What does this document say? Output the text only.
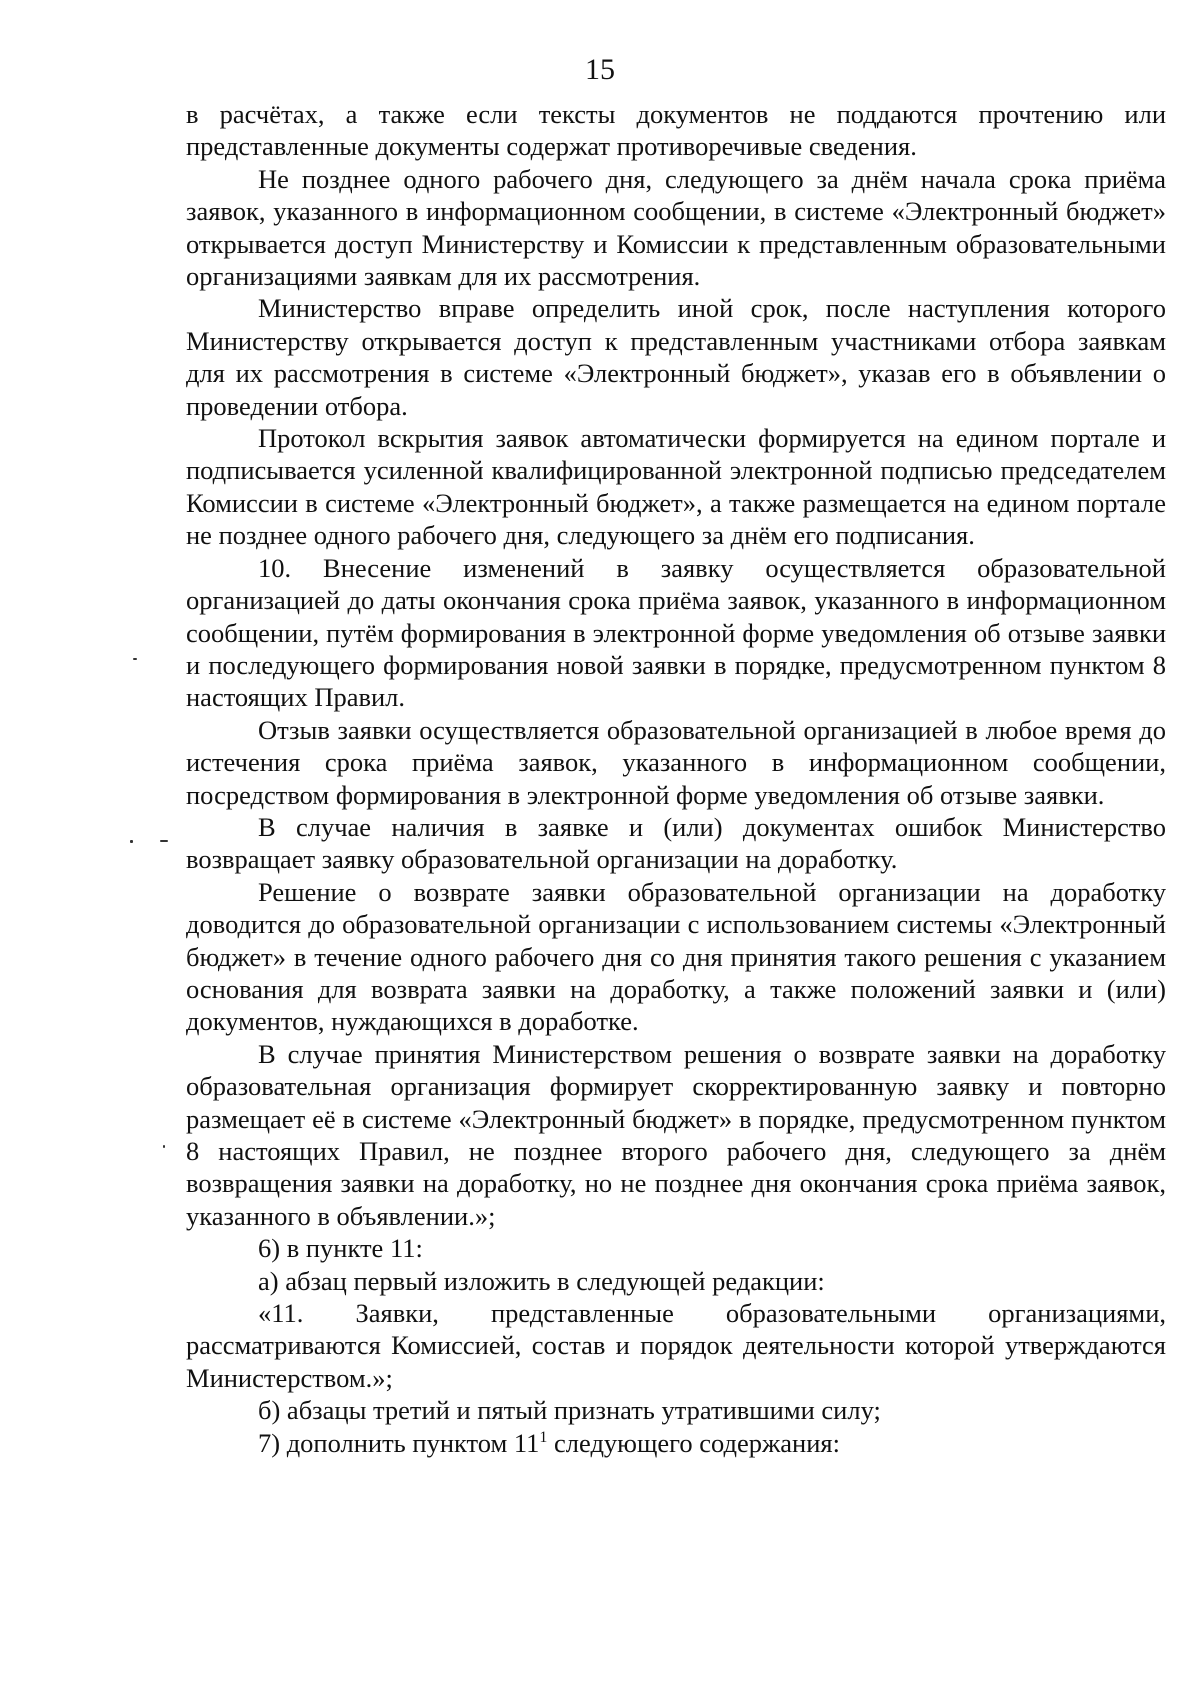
15

в расчётах, а также если тексты документов не поддаются прочтению или представленные документы содержат противоречивые сведения.

Не позднее одного рабочего дня, следующего за днём начала срока приёма заявок, указанного в информационном сообщении, в системе «Электронный бюджет» открывается доступ Министерству и Комиссии к представленным образовательными организациями заявкам для их рассмотрения.

Министерство вправе определить иной срок, после наступления которого Министерству открывается доступ к представленным участниками отбора заявкам для их рассмотрения в системе «Электронный бюджет», указав его в объявлении о проведении отбора.

Протокол вскрытия заявок автоматически формируется на едином портале и подписывается усиленной квалифицированной электронной подписью председателем Комиссии в системе «Электронный бюджет», а также размещается на едином портале не позднее одного рабочего дня, следующего за днём его подписания.

10. Внесение изменений в заявку осуществляется образовательной организацией до даты окончания срока приёма заявок, указанного в информационном сообщении, путём формирования в электронной форме уведомления об отзыве заявки и последующего формирования новой заявки в порядке, предусмотренном пунктом 8 настоящих Правил.

Отзыв заявки осуществляется образовательной организацией в любое время до истечения срока приёма заявок, указанного в информационном сообщении, посредством формирования в электронной форме уведомления об отзыве заявки.

В случае наличия в заявке и (или) документах ошибок Министерство возвращает заявку образовательной организации на доработку.

Решение о возврате заявки образовательной организации на доработку доводится до образовательной организации с использованием системы «Электронный бюджет» в течение одного рабочего дня со дня принятия такого решения с указанием основания для возврата заявки на доработку, а также положений заявки и (или) документов, нуждающихся в доработке.

В случае принятия Министерством решения о возврате заявки на доработку образовательная организация формирует скорректированную заявку и повторно размещает её в системе «Электронный бюджет» в порядке, предусмотренном пунктом 8 настоящих Правил, не позднее второго рабочего дня, следующего за днём возвращения заявки на доработку, но не позднее дня окончания срока приёма заявок, указанного в объявлении.»;

6) в пункте 11:

а) абзац первый изложить в следующей редакции:

«11. Заявки, представленные образовательными организациями, рассматриваются Комиссией, состав и порядок деятельности которой утверждаются Министерством.»;

б) абзацы третий и пятый признать утратившими силу;

7) дополнить пунктом $11^1$ следующего содержания:
